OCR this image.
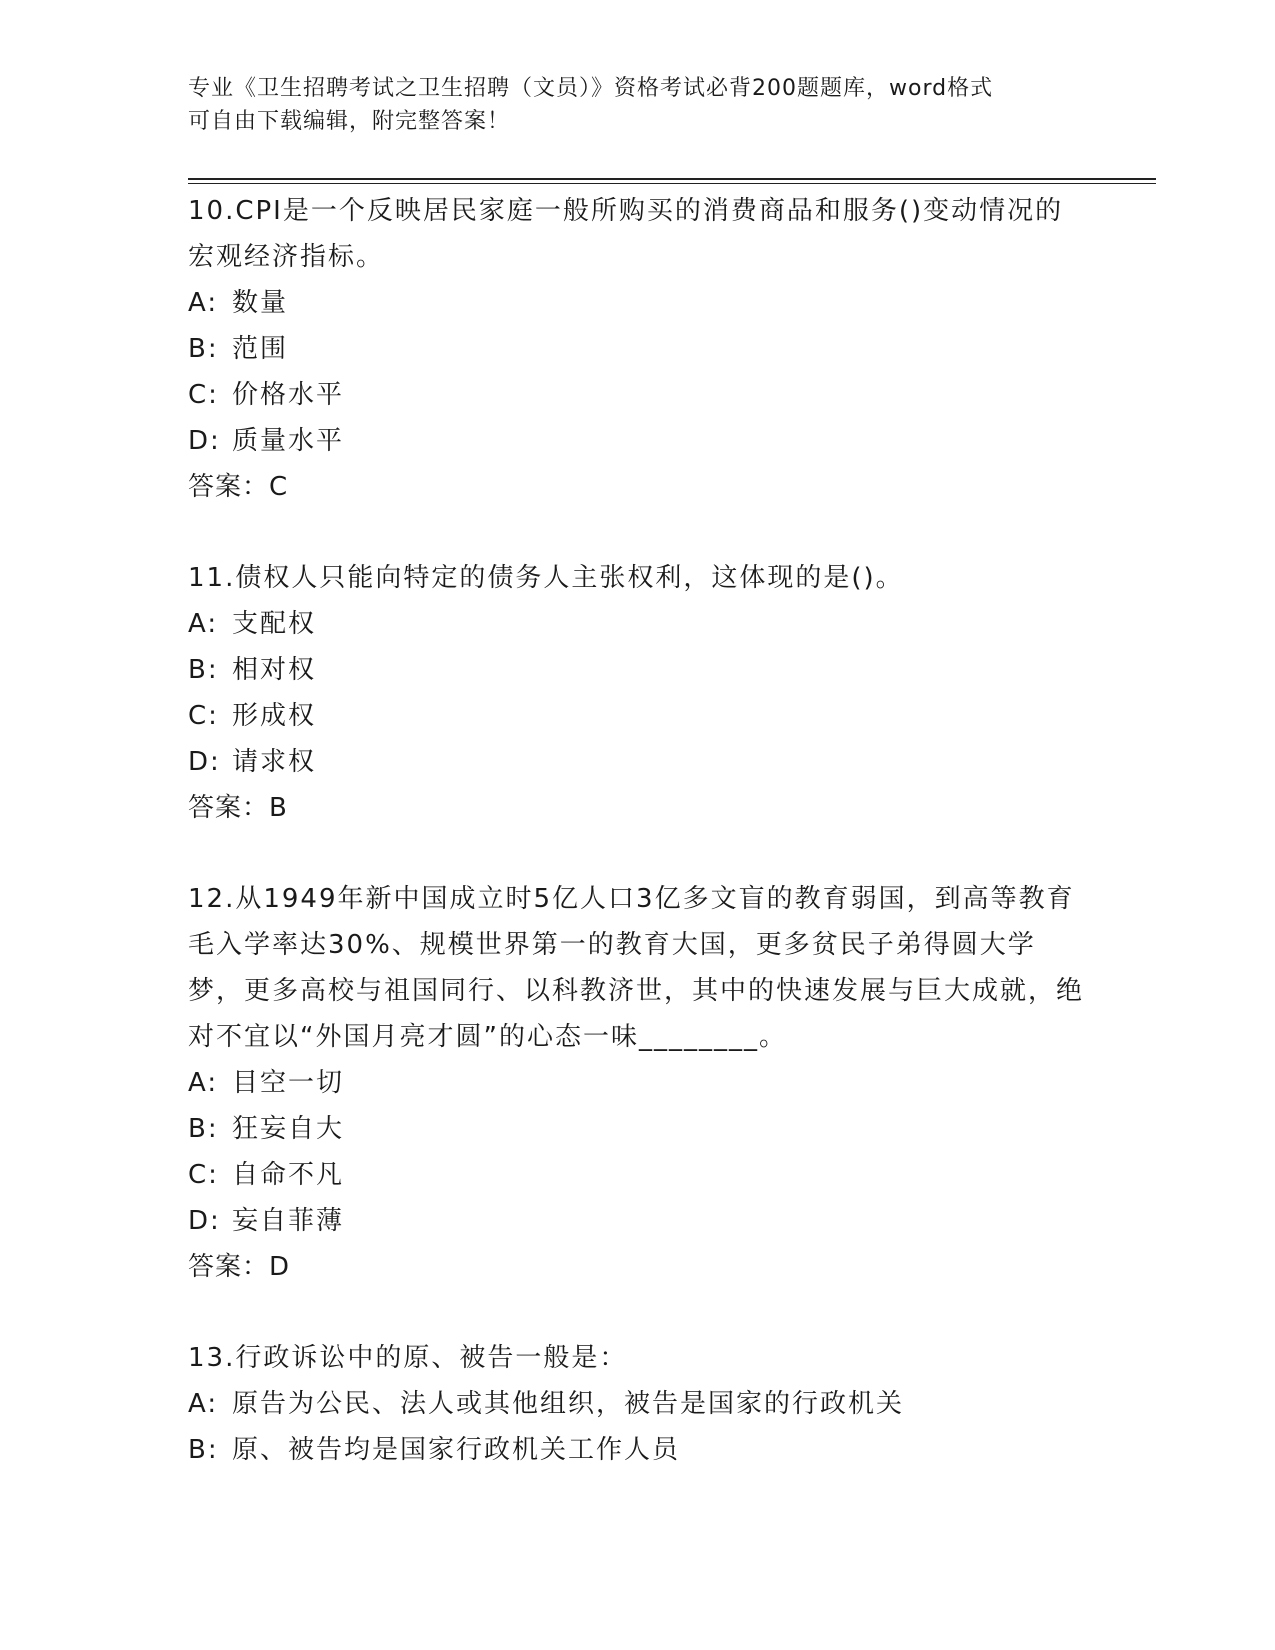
专业《卫生招聘考试之卫生招聘（文员）》资格考试必背200题题库，word格式
可自由下载编辑，附完整答案！
10.CPI是一个反映居民家庭一般所购买的消费商品和服务()变动情况的宏观经济指标。
A: 数量
B: 范围
C: 价格水平
D: 质量水平
答案：C
11.债权人只能向特定的债务人主张权利，这体现的是()。
A: 支配权
B: 相对权
C: 形成权
D: 请求权
答案：B
12.从1949年新中国成立时5亿人口3亿多文盲的教育弱国，到高等教育毛入学率达30%、规模世界第一的教育大国，更多贫民子弟得圆大学梦，更多高校与祖国同行、以科教济世，其中的快速发展与巨大成就，绝对不宜以“外国月亮才圆”的心态一味________。
A: 目空一切
B: 狂妄自大
C: 自命不凡
D: 妄自菲薄
答案：D
13.行政诉讼中的原、被告一般是：
A: 原告为公民、法人或其他组织，被告是国家的行政机关
B: 原、被告均是国家行政机关工作人员
